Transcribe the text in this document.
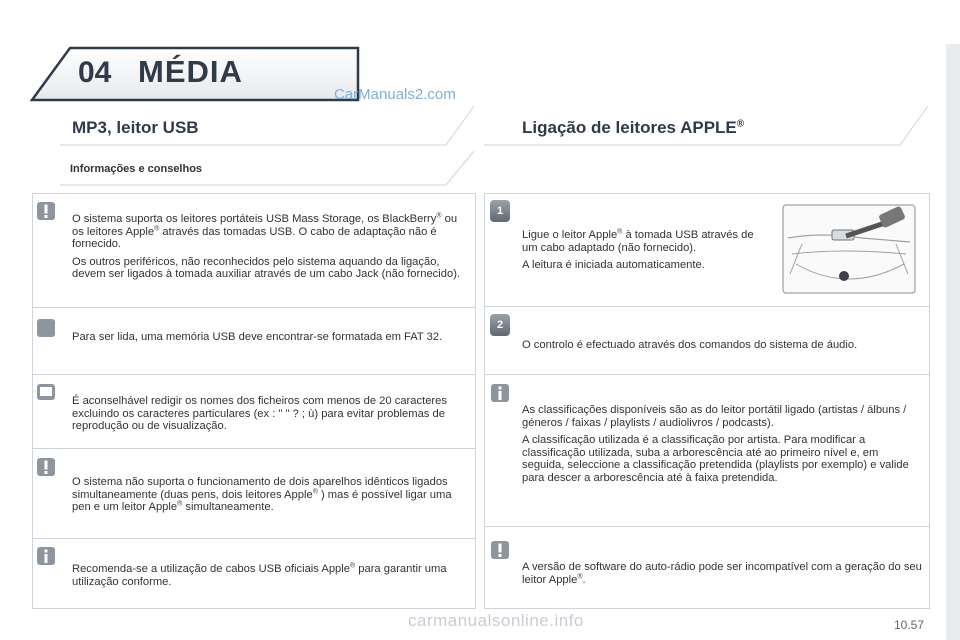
04 MÉDIA
CarManuals2.com
MP3, leitor USB
Informações e conselhos

O sistema suporta os leitores portáteis USB Mass Storage, os BlackBerry® ou os leitores Apple® através das tomadas USB. O cabo de adaptação não é fornecido.

Os outros periféricos, não reconhecidos pelo sistema aquando da ligação, devem ser ligados à tomada auxiliar através de um cabo Jack (não fornecido).

Para ser lida, uma memória USB deve encontrar-se formatada em FAT 32.

É aconselhável redigir os nomes dos ficheiros com menos de 20 caracteres excluindo os caracteres particulares (ex : " " ? ; ù) para evitar problemas de reprodução ou de visualização.

O sistema não suporta o funcionamento de dois aparelhos idênticos ligados simultaneamente (duas pens, dois leitores Apple® ) mas é possível ligar uma pen e um leitor Apple® simultaneamente.

Recomenda-se a utilização de cabos USB oficiais Apple® para garantir uma utilização conforme.

Ligação de leitores APPLE®
1

Ligue o leitor Apple® à tomada USB através de um cabo adaptado (não fornecido).

A leitura é iniciada automaticamente.

2

O controlo é efectuado através dos comandos do sistema de áudio.

As classificações disponíveis são as do leitor portátil ligado (artistas / álbuns / géneros / faixas / playlists / audiolivros / podcasts).

A classificação utilizada é a classificação por artista. Para modificar a classificação utilizada, suba a arborescência até ao primeiro nível e, em seguida, seleccione a classificação pretendida (playlists por exemplo) e valide para descer a arborescência até à faixa pretendida.

A versão de software do auto-rádio pode ser incompatível com a geração do seu leitor Apple®.

carmanualsonline.info	10.57
